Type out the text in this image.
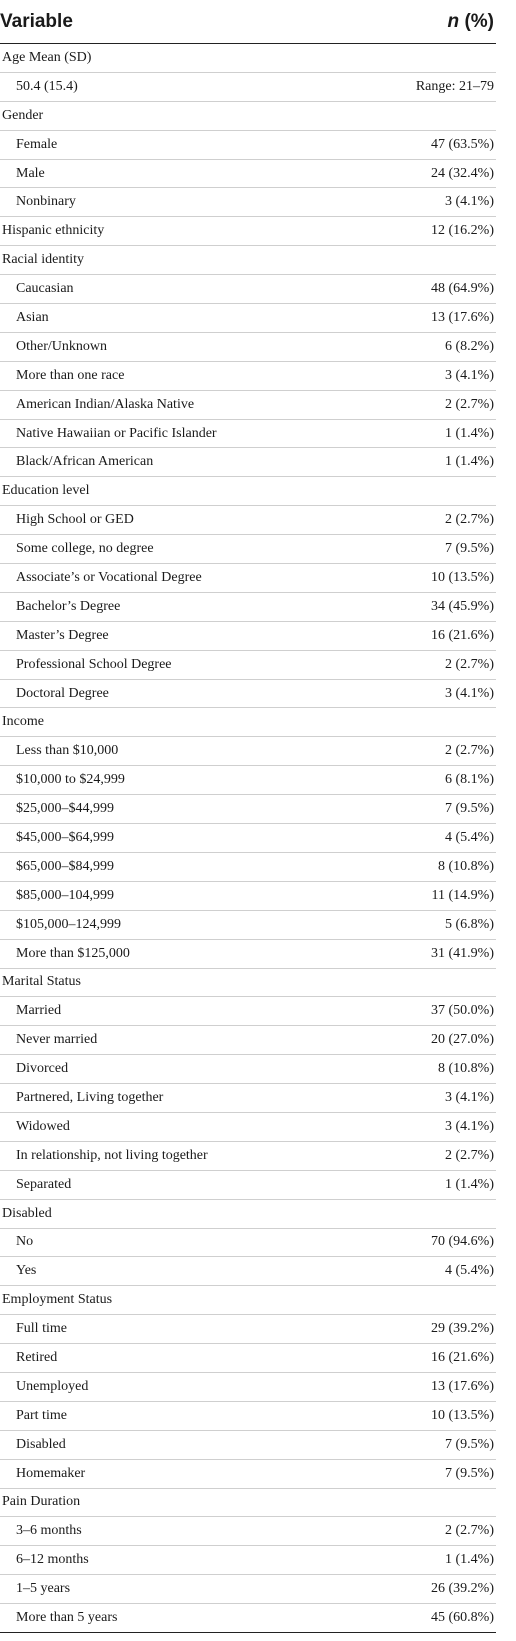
Variable	n (%)
Age Mean (SD)	
50.4 (15.4)	Range: 21–79
Gender	
Female	47 (63.5%)
Male	24 (32.4%)
Nonbinary	3 (4.1%)
Hispanic ethnicity	12 (16.2%)
Racial identity	
Caucasian	48 (64.9%)
Asian	13 (17.6%)
Other/Unknown	6 (8.2%)
More than one race	3 (4.1%)
American Indian/Alaska Native	2 (2.7%)
Native Hawaiian or Pacific Islander	1 (1.4%)
Black/African American	1 (1.4%)
Education level	
High School or GED	2 (2.7%)
Some college, no degree	7 (9.5%)
Associate’s or Vocational Degree	10 (13.5%)
Bachelor’s Degree	34 (45.9%)
Master’s Degree	16 (21.6%)
Professional School Degree	2 (2.7%)
Doctoral Degree	3 (4.1%)
Income	
Less than $10,000	2 (2.7%)
$10,000 to $24,999	6 (8.1%)
$25,000–$44,999	7 (9.5%)
$45,000–$64,999	4 (5.4%)
$65,000–$84,999	8 (10.8%)
$85,000–104,999	11 (14.9%)
$105,000–124,999	5 (6.8%)
More than $125,000	31 (41.9%)
Marital Status	
Married	37 (50.0%)
Never married	20 (27.0%)
Divorced	8 (10.8%)
Partnered, Living together	3 (4.1%)
Widowed	3 (4.1%)
In relationship, not living together	2 (2.7%)
Separated	1 (1.4%)
Disabled	
No	70 (94.6%)
Yes	4 (5.4%)
Employment Status	
Full time	29 (39.2%)
Retired	16 (21.6%)
Unemployed	13 (17.6%)
Part time	10 (13.5%)
Disabled	7 (9.5%)
Homemaker	7 (9.5%)
Pain Duration	
3–6 months	2 (2.7%)
6–12 months	1 (1.4%)
1–5 years	26 (39.2%)
More than 5 years	45 (60.8%)
